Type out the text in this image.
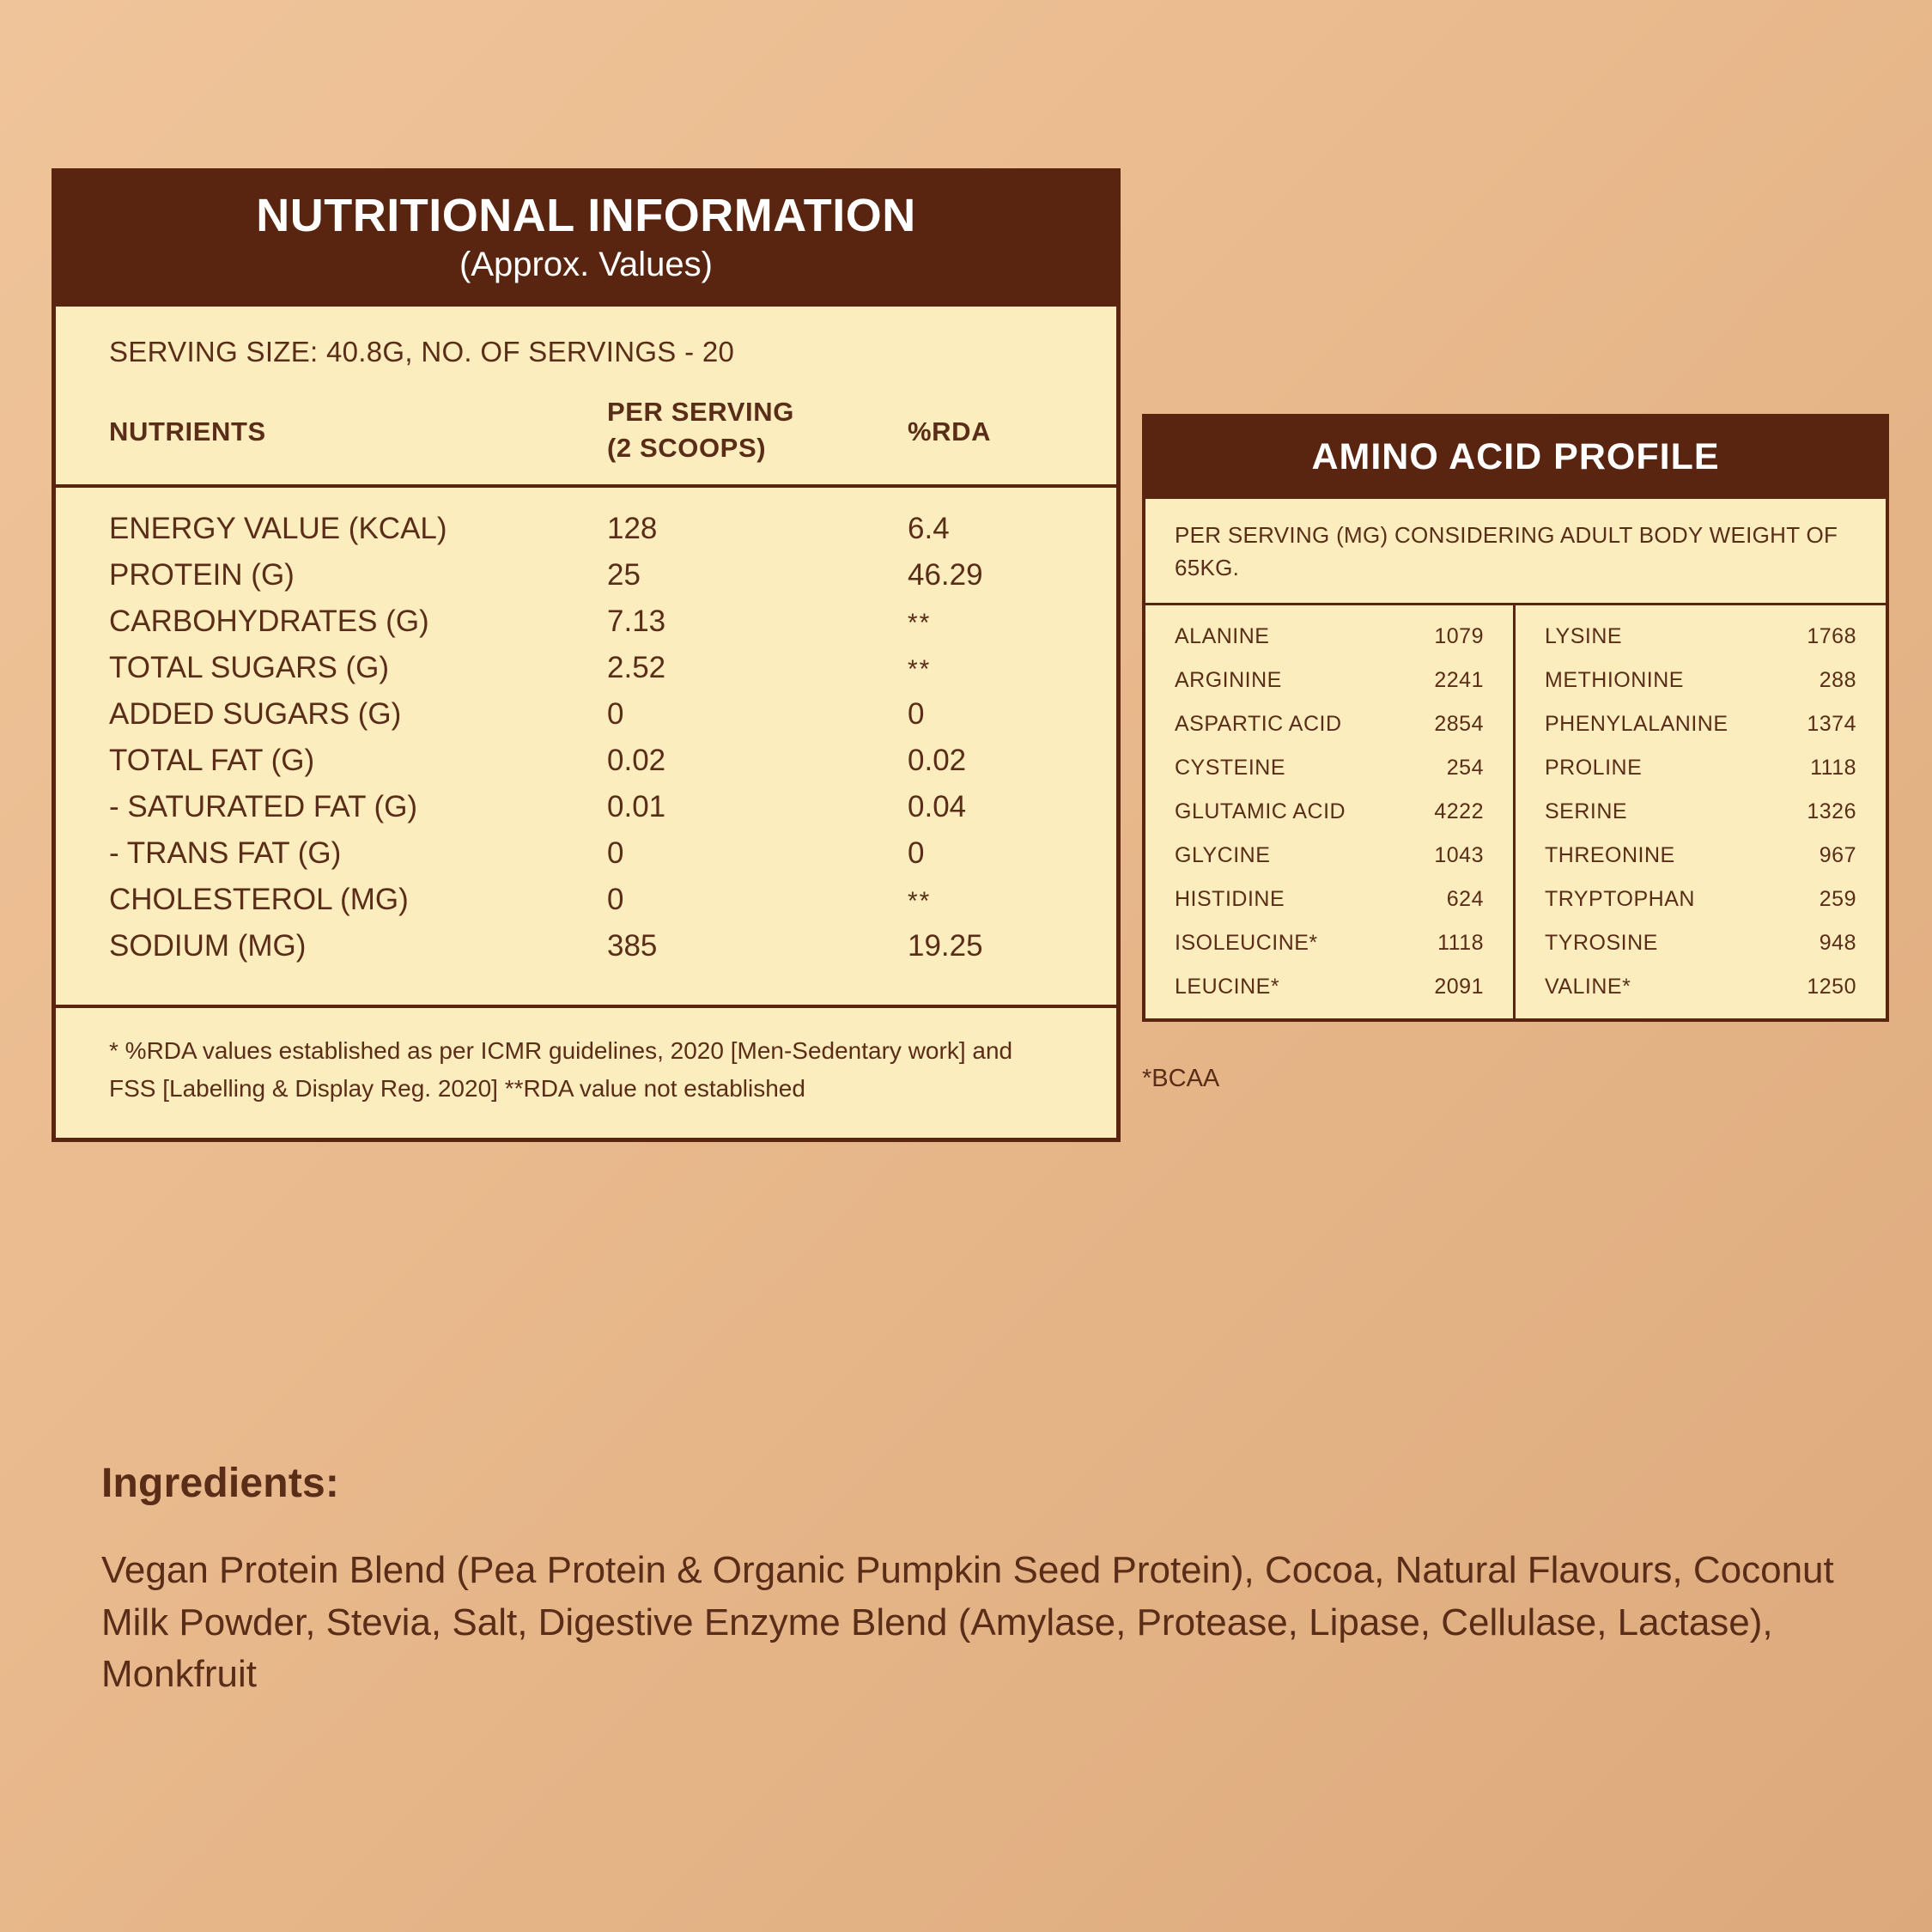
NUTRITIONAL INFORMATION
(Approx. Values)
SERVING SIZE: 40.8G, NO. OF SERVINGS - 20
NUTRIENTS
PER SERVING
(2 SCOOPS)
%RDA
ENERGY VALUE (KCAL)	128	6.4
PROTEIN (G)	25	46.29
CARBOHYDRATES (G)	7.13	**
TOTAL SUGARS (G)	2.52	**
ADDED SUGARS (G)	0	0
TOTAL FAT (G)	0.02	0.02
- SATURATED FAT (G)	0.01	0.04
- TRANS FAT (G)	0	0
CHOLESTEROL (MG)	0	**
SODIUM (MG)	385	19.25
* %RDA values established as per ICMR guidelines, 2020 [Men-Sedentary work] and FSS [Labelling & Display Reg. 2020] **RDA value not established
AMINO ACID PROFILE
PER SERVING (MG) CONSIDERING ADULT BODY WEIGHT OF 65KG.
ALANINE	1079
ARGININE	2241
ASPARTIC ACID	2854
CYSTEINE	254
GLUTAMIC ACID	4222
GLYCINE	1043
HISTIDINE	624
ISOLEUCINE*	1118
LEUCINE*	2091
LYSINE	1768
METHIONINE	288
PHENYLALANINE	1374
PROLINE	1118
SERINE	1326
THREONINE	967
TRYPTOPHAN	259
TYROSINE	948
VALINE*	1250
*BCAA
Ingredients:

Vegan Protein Blend (Pea Protein & Organic Pumpkin Seed Protein), Cocoa, Natural Flavours, Coconut Milk Powder, Stevia, Salt, Digestive Enzyme Blend (Amylase, Protease, Lipase, Cellulase, Lactase), Monkfruit
